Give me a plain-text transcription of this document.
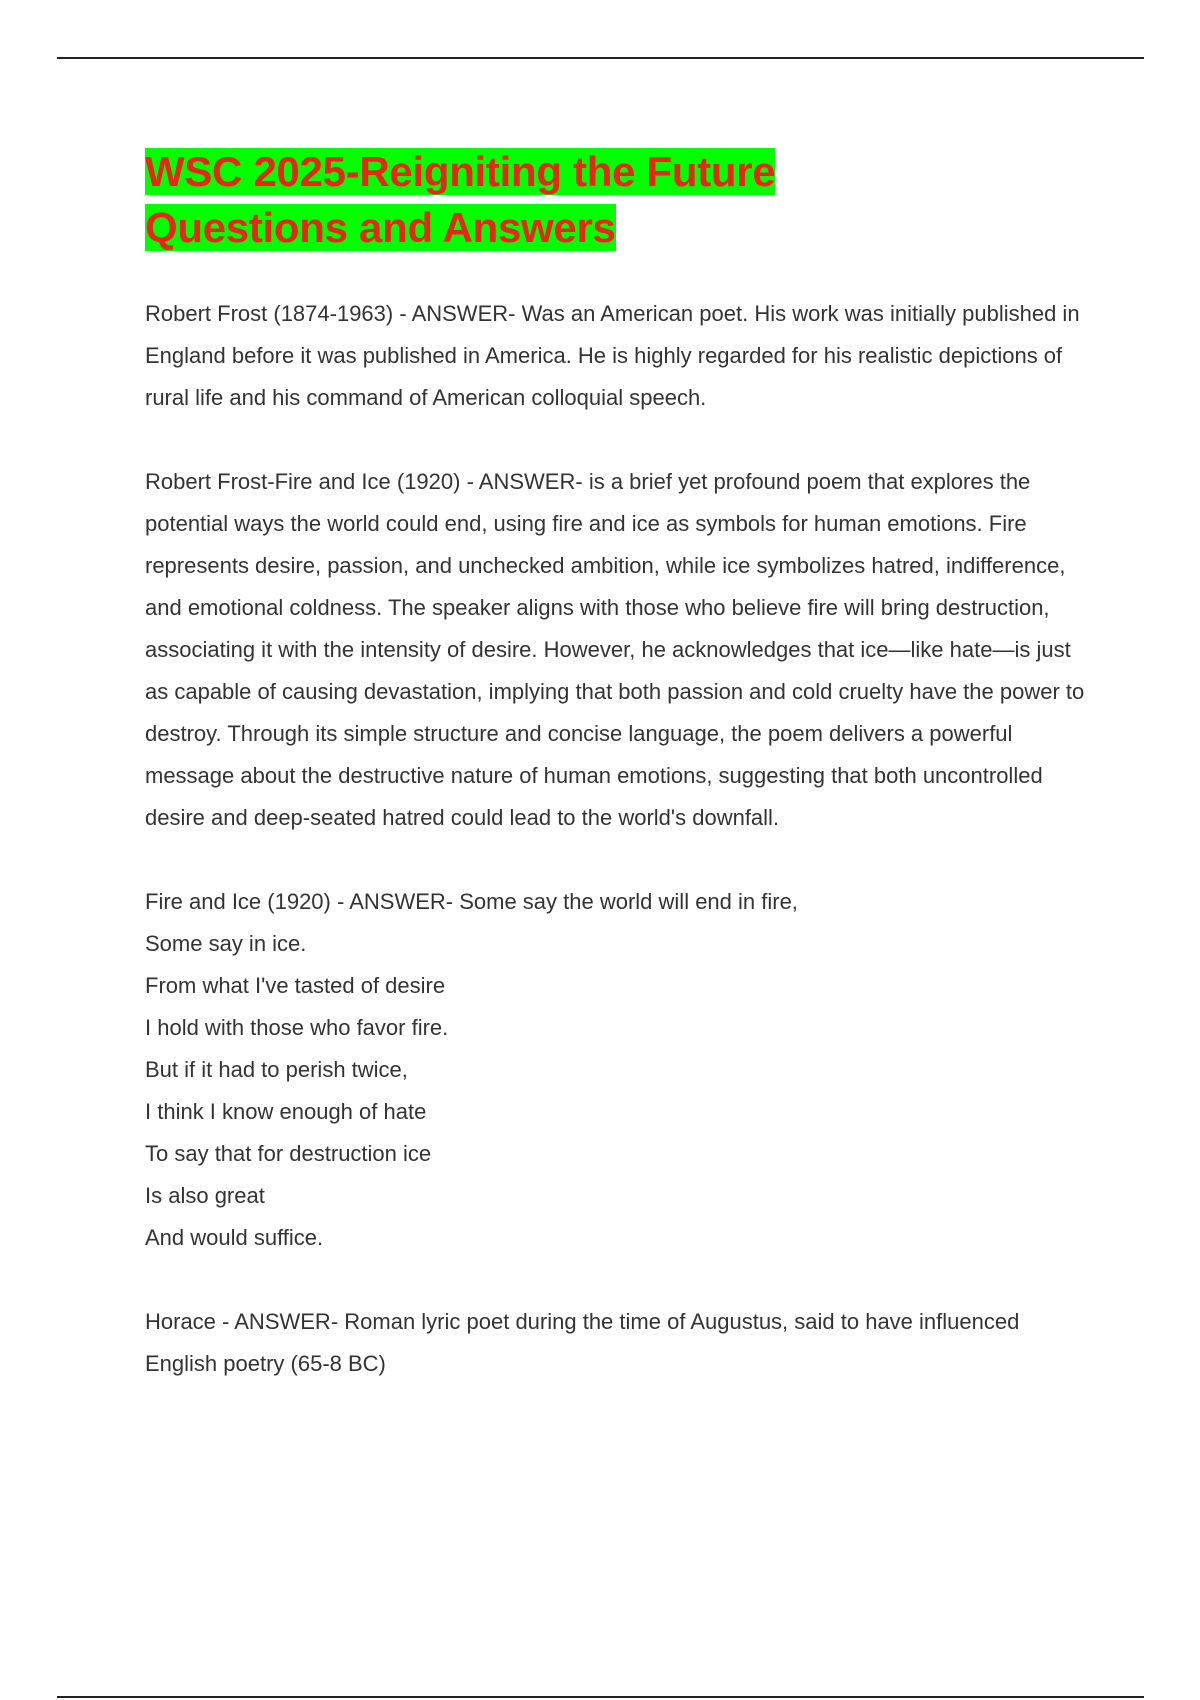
WSC 2025-Reigniting the Future
Questions and Answers

Robert Frost (1874-1963) - ANSWER- Was an American poet. His work was initially published in England before it was published in America. He is highly regarded for his realistic depictions of rural life and his command of American colloquial speech.

Robert Frost-Fire and Ice (1920) - ANSWER- is a brief yet profound poem that explores the potential ways the world could end, using fire and ice as symbols for human emotions. Fire represents desire, passion, and unchecked ambition, while ice symbolizes hatred, indifference, and emotional coldness. The speaker aligns with those who believe fire will bring destruction, associating it with the intensity of desire. However, he acknowledges that ice—like hate—is just as capable of causing devastation, implying that both passion and cold cruelty have the power to destroy. Through its simple structure and concise language, the poem delivers a powerful message about the destructive nature of human emotions, suggesting that both uncontrolled desire and deep-seated hatred could lead to the world's downfall.

Fire and Ice (1920) - ANSWER- Some say the world will end in fire,
Some say in ice.
From what I've tasted of desire
I hold with those who favor fire.
But if it had to perish twice,
I think I know enough of hate
To say that for destruction ice
Is also great
And would suffice.

Horace - ANSWER- Roman lyric poet during the time of Augustus, said to have influenced English poetry (65-8 BC)
